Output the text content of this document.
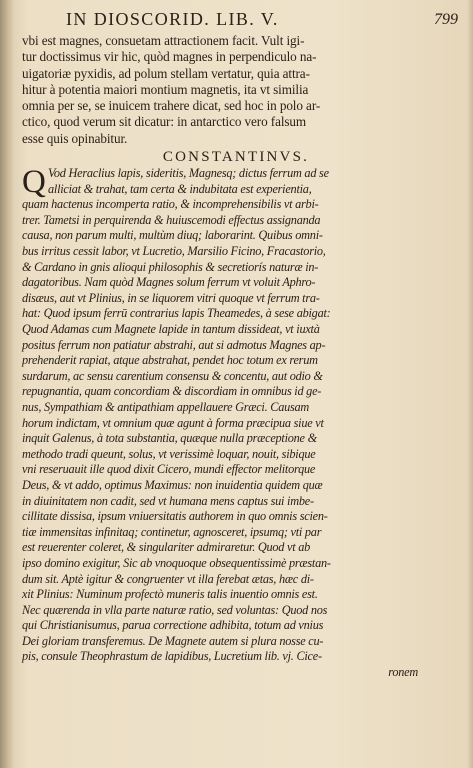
IN DIOSCORID. LIB. V.	799
vbi est magnes, consuetam attractionem facit. Vult igi-
tur doctissimus vir hic, quòd magnes in perpendiculo na-
uigatoriæ pyxidis, ad polum stellam vertatur, quia attra-
hitur à potentia maiori montium magnetis, ita vt similia
omnia per se, se inuicem trahere dicat, sed hoc in polo ar-
ctico, quod verum sit dicatur: in antarctico vero falsum
esse quis opinabitur.
CONSTANTINVS.
Q Vod Heraclius lapis, sideritis, Magnesq; dictus ferrum ad se
alliciat & trahat, tam certa & indubitata est experientia,
quam hactenus incomperta ratio, & incomprehensibilis vt arbi-
trer. Tametsi in perquirenda & huiuscemodi effectus assignanda
causa, non parum multi, multùm diuq; laborarint. Quibus omni-
bus irritus cessit labor, vt Lucretio, Marsilio Ficino, Fracastorio,
& Cardano in gnis alioqui philosophis & secretiorís naturæ in-
dagatoribus. Nam quòd Magnes solum ferrum vt voluit Aphro-
disæus, aut vt Plinius, in se liquorem vitri quoque vt ferrum tra-
hat: Quod ipsum ferrū contrarius lapis Theamedes, à sese abigat:
Quod Adamas cum Magnete lapide in tantum dissideat, vt iuxtà
positus ferrum non patiatur abstrahi, aut si admotus Magnes ap-
prehenderit rapiat, atque abstrahat, pendet hoc totum ex rerum
surdarum, ac sensu carentium consensu & concentu, aut odio &
repugnantia, quam concordiam & discordiam in omnibus id ge-
nus, Sympathiam & antipathiam appellauere Græci. Causam
horum indictam, vt omnium quæ agunt à forma præcipua siue vt
inquit Galenus, à tota substantia, quæque nulla præceptione &
methodo tradi queunt, solus, vt verissimè loquar, nouit, sibique
vni reseruauit ille quod dixit Cicero, mundi effector melitorque
Deus, & vt addo, optimus Maximus: non inuidentia quidem quæ
in diuinitatem non cadit, sed vt humana mens captus sui imbe-
cillitate dissisa, ipsum vniuersitatis authorem in quo omnis scien-
tiæ immensitas infinitaq; continetur, agnosceret, ipsumq; vti par
est reuerenter coleret, & singulariter admiraretur. Quod vt ab
ipso domino exigitur, Sic ab vnoquoque obsequentissimè præstan-
dum sit. Aptè igitur & congruenter vt illa ferebat ætas, hæc di-
xit Plinius: Numinum profectò muneris talis inuentio omnis est.
Nec quærenda in vlla parte naturæ ratio, sed voluntas: Quod nos
qui Christianisumus, parua correctione adhibita, totum ad vnius
Dei gloriam transferemus. De Magnete autem si plura nosse cu-
pis, consule Theophrastum de lapidibus, Lucretium lib. vj. Cice-
ronem
